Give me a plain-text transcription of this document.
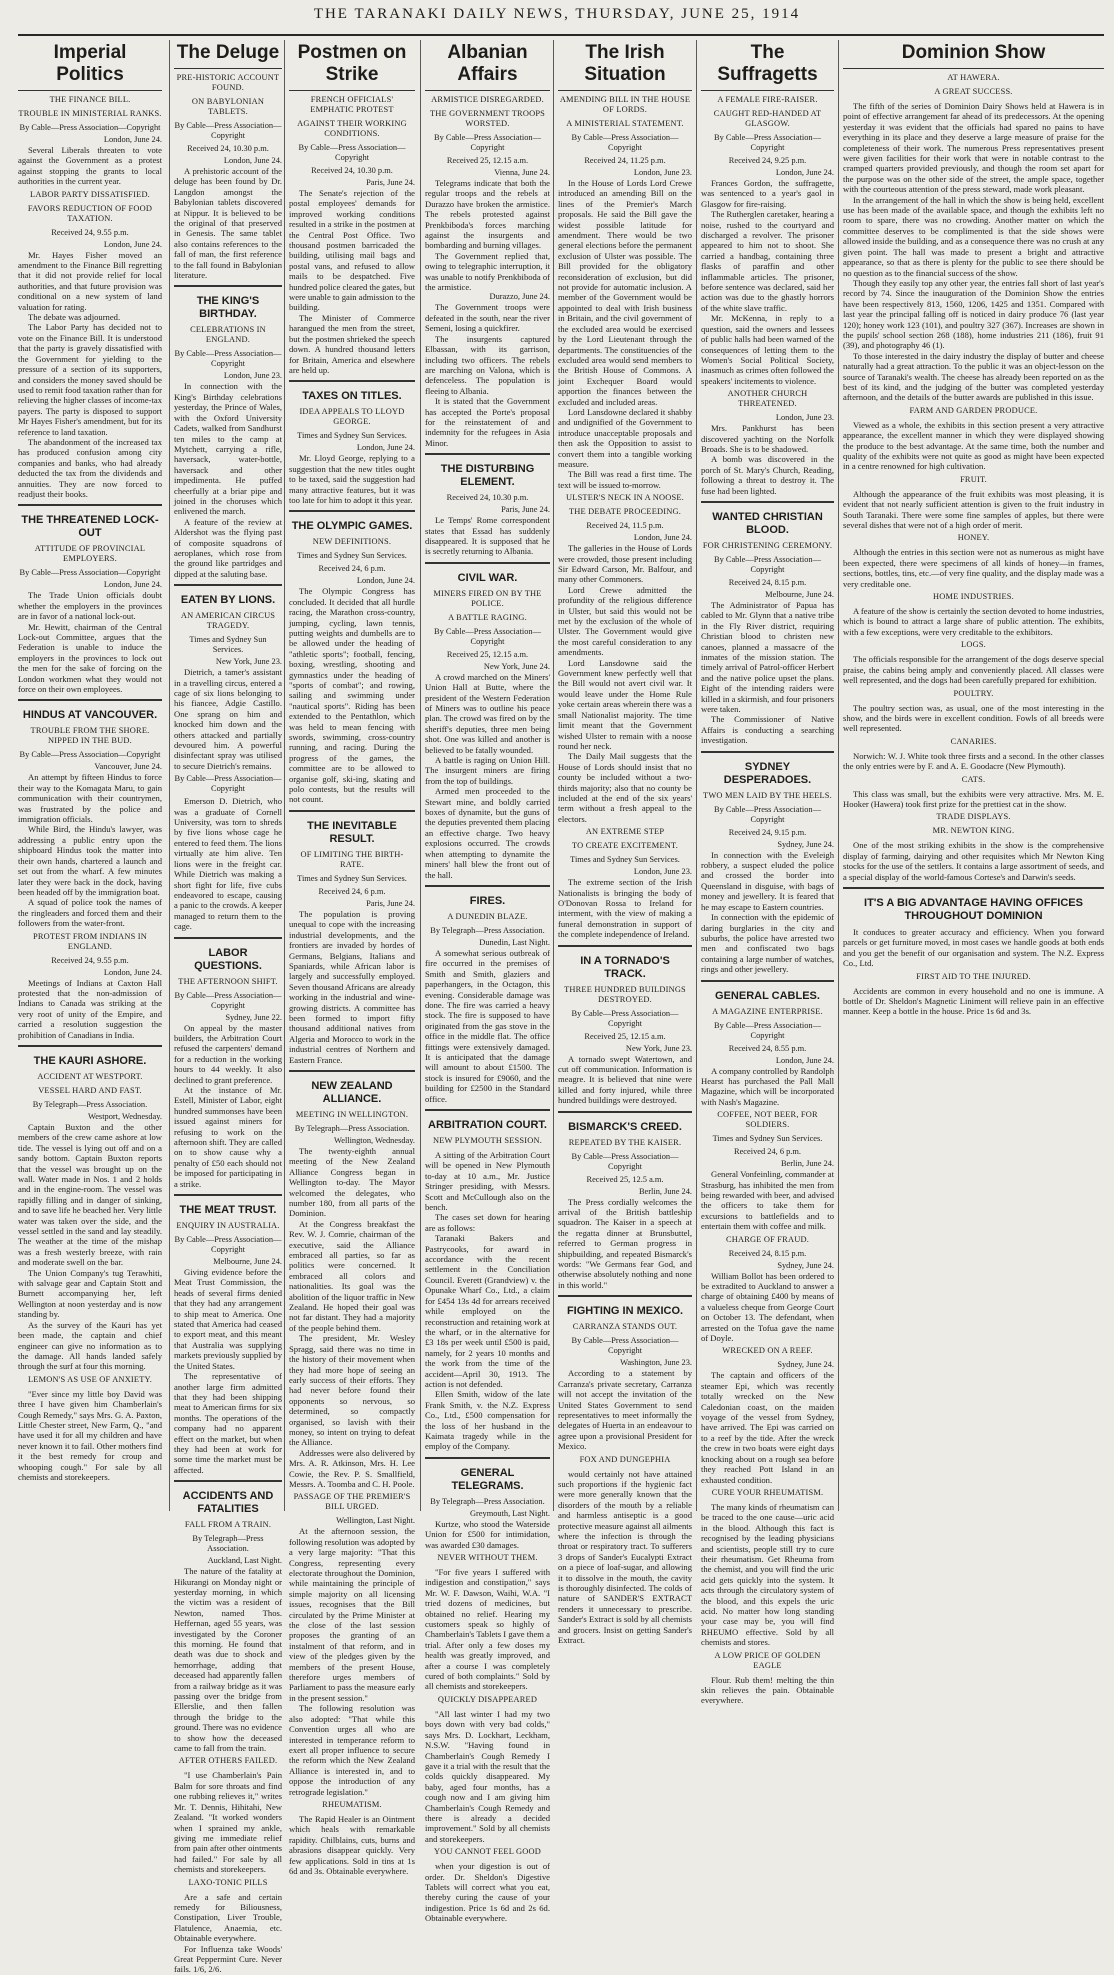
THE TARANAKI DAILY NEWS, THURSDAY, JUNE 25, 1914
Imperial Politics
THE FINANCE BILL.
TROUBLE IN MINISTERIAL RANKS.
By Cable—Press Association—Copyright
London, June 24.
Several Liberals threaten to vote against the Government as a protest against stopping the grants to local authorities in the current year.
LABOR PARTY DISSATISFIED.
FAVORS REDUCTION OF FOOD TAXATION.
Received 24, 9.55 p.m.
London, June 24.
Mr. Hayes Fisher moved an amendment to the Finance Bill regretting that it did not provide relief for local authorities, and that future provision was conditional on a new system of land valuation for rating.
The debate was adjourned.
The Labor Party has decided not to vote on the Finance Bill. It is understood that the party is gravely dissatisfied with the Government for yielding to the pressure of a section of its supporters, and considers the money saved should be used to remit food taxation rather than for relieving the higher classes of income-tax payers. The party is disposed to support Mr Hayes Fisher's amendment, but for its reference to land taxation.
The abandonment of the increased tax has produced confusion among city companies and banks, who had already deducted the tax from the dividends and annuities. They are now forced to readjust their books.
THE THREATENED LOCK-OUT
ATTITUDE OF PROVINCIAL EMPLOYERS.
By Cable—Press Association—Copyright
London, June 24.
The Trade Union officials doubt whether the employers in the provinces are in favor of a national lock-out.
Mr. Hewitt, chairman of the Central Lock-out Committee, argues that the Federation is unable to induce the employers in the provinces to lock out the men for the sake of forcing on the London workmen what they would not force on their own employees.
HINDUS AT VANCOUVER.
TROUBLE FROM THE SHORE. NIPPED IN THE BUD.
By Cable—Press Association—Copyright
Vancouver, June 24.
An attempt by fifteen Hindus to force their way to the Komagata Maru, to gain communication with their countrymen, was frustrated by the police and immigration officials.
While Bird, the Hindu's lawyer, was addressing a public entry upon the shipboard Hindus took the matter into their own hands, chartered a launch and set out from the wharf. A few minutes later they were back in the dock, having been headed off by the immigration boat.
A squad of police took the names of the ringleaders and forced them and their followers from the water-front.
PROTEST FROM INDIANS IN ENGLAND.
Received 24, 9.55 p.m.
London, June 24.
Meetings of Indians at Caxton Hall protested that the non-admission of Indians to Canada was striking at the very root of unity of the Empire, and carried a resolution suggestion the prohibition of Canadians in India.
THE KAURI ASHORE.
ACCIDENT AT WESTPORT.
VESSEL HARD AND FAST.
By Telegraph—Press Association.
Westport, Wednesday.
Captain Buxton and the other members of the crew came ashore at low tide. The vessel is lying out off and on a sandy bottom. Captain Buxton reports that the vessel was brought up on the wall. Water made in Nos. 1 and 2 holds and in the engine-room. The vessel was rapidly filling and in danger of sinking, and to save life he beached her. Very little water was taken over the side, and the vessel settled in the sand and lay steadily. The weather at the time of the mishap was a fresh westerly breeze, with rain and moderate swell on the bar.
The Union Company's tug Terawhiti, with salvage gear and Captain Stott and Burnett accompanying her, left Wellington at noon yesterday and is now standing by.
As the survey of the Kauri has yet been made, the captain and chief engineer can give no information as to the damage. All hands landed safely through the surf at four this morning.
LEMON'S AS USE OF ANXIETY.
"Ever since my little boy David was three I have given him Chamberlain's Cough Remedy," says Mrs. G. A. Paxton, Little Chester street, New Farm, Q., "and have used it for all my children and have never known it to fail. Other mothers find it the best remedy for croup and whooping cough." For sale by all chemists and storekeepers.
The Deluge
PRE-HISTORIC ACCOUNT FOUND.
ON BABYLONIAN TABLETS.
By Cable—Press Association—Copyright
Received 24, 10.30 p.m.
London, June 24.
A prehistoric account of the deluge has been found by Dr. Langdon amongst the Babylonian tablets discovered at Nippur. It is believed to be the original of that preserved in Genesis. The same tablet also contains references to the fall of man, the first reference to the fall found in Babylonian literature.
THE KING'S BIRTHDAY.
CELEBRATIONS IN ENGLAND.
By Cable—Press Association—Copyright
London, June 23.
In connection with the King's Birthday celebrations yesterday, the Prince of Wales, with the Oxford University Cadets, walked from Sandhurst ten miles to the camp at Mytchett, carrying a rifle, haversack, water-bottle, haversack and other impedimenta. He puffed cheerfully at a briar pipe and joined in the choruses which enlivened the march.
A feature of the review at Aldershot was the flying past of composite squadrons of aeroplanes, which rose from the ground like partridges and dipped at the saluting base.
EATEN BY LIONS.
AN AMERICAN CIRCUS TRAGEDY.
Times and Sydney Sun Services.
New York, June 23.
Dietrich, a tamer's assistant in a travelling circus, entered a cage of six lions belonging to his fiancee, Adgie Castillo. One sprang on him and knocked him down and the others attacked and partially devoured him. A powerful disinfectant spray was utilised to secure Dietrich's remains.
By Cable—Press Association—Copyright
Emerson D. Dietrich, who was a graduate of Cornell University, was torn to shreds by five lions whose cage he entered to feed them. The lions virtually ate him alive. Ten lions were in the freight car. While Dietrich was making a short fight for life, five cubs endeavored to escape, causing a panic to the crowds. A keeper managed to return them to the cage.
LABOR QUESTIONS.
THE AFTERNOON SHIFT.
By Cable—Press Association—Copyright
Sydney, June 22.
On appeal by the master builders, the Arbitration Court refused the carpenters' demand for a reduction in the working hours to 44 weekly. It also declined to grant preference.
At the instance of Mr. Estell, Minister of Labor, eight hundred summonses have been issued against miners for refusing to work on the afternoon shift. They are called on to show cause why a penalty of £50 each should not be imposed for participating in a strike.
THE MEAT TRUST.
ENQUIRY IN AUSTRALIA.
By Cable—Press Association—Copyright
Melbourne, June 24.
Giving evidence before the Meat Trust Commission, the heads of several firms denied that they had any arrangement to ship meat to America. One stated that America had ceased to export meat, and this meant that Australia was supplying markets previously supplied by the United States.
The representative of another large firm admitted that they had been shipping meat to American firms for six months. The operations of the company had no apparent effect on the market, but when they had been at work for some time the market must be affected.
ACCIDENTS AND FATALITIES
FALL FROM A TRAIN.
By Telegraph—Press Association.
Auckland, Last Night.
The nature of the fatality at Hikurangi on Monday night or yesterday morning, in which the victim was a resident of Newton, named Thos. Heffernan, aged 55 years, was investigated by the Coroner this morning. He found that death was due to shock and hemorrhage, adding that deceased had apparently fallen from a railway bridge as it was passing over the bridge from Ellerslie, and then fallen through the bridge to the ground. There was no evidence to show how the deceased came to fall from the train.
AFTER OTHERS FAILED.
"I use Chamberlain's Pain Balm for sore throats and find one rubbing relieves it," writes Mr. T. Dennis, Hihitahi, New Zealand. "It worked wonders when I sprained my ankle, giving me immediate relief from pain after other ointments had failed." For sale by all chemists and storekeepers.
LAXO-TONIC PILLS
Are a safe and certain remedy for Biliousness, Constipation, Liver Trouble, Flatulence, Anaemia, etc. Obtainable everywhere.
For Influenza take Woods' Great Peppermint Cure. Never fails. 1/6, 2/6.
Postmen on Strike
FRENCH OFFICIALS' EMPHATIC PROTEST
AGAINST THEIR WORKING CONDITIONS.
By Cable—Press Association—Copyright
Received 24, 10.30 p.m.
Paris, June 24.
The Senate's rejection of the postal employees' demands for improved working conditions resulted in a strike in the postmen at the Central Post Office. Two thousand postmen barricaded the building, utilising mail bags and postal vans, and refused to allow mails to be despatched. Five hundred police cleared the gates, but were unable to gain admission to the building.
The Minister of Commerce harangued the men from the street, but the postmen shrieked the speech down. A hundred thousand letters for Britain, America and elsewhere are held up.
TAXES ON TITLES.
IDEA APPEALS TO LLOYD GEORGE.
Times and Sydney Sun Services.
London, June 24.
Mr. Lloyd George, replying to a suggestion that the new titles ought to be taxed, said the suggestion had many attractive features, but it was too late for him to adopt it this year.
THE OLYMPIC GAMES.
NEW DEFINITIONS.
Times and Sydney Sun Services.
Received 24, 6 p.m.
London, June 24.
The Olympic Congress has concluded. It decided that all hurdle racing, the Marathon cross-country, jumping, cycling, lawn tennis, putting weights and dumbells are to be allowed under the heading of "athletic sports"; football, fencing, boxing, wrestling, shooting and gymnastics under the heading of "sports of combat"; and rowing, sailing and swimming under "nautical sports". Riding has been extended to the Pentathlon, which was held to mean fencing with swords, swimming, cross-country running, and racing. During the progress of the games, the committee are to be allowed to organise golf, ski-ing, skating and polo contests, but the results will not count.
THE INEVITABLE RESULT.
OF LIMITING THE BIRTH-RATE.
Times and Sydney Sun Services.
Received 24, 6 p.m.
Paris, June 24.
The population is proving unequal to cope with the increasing industrial developments, and the frontiers are invaded by hordes of Germans, Belgians, Italians and Spaniards, while African labor is largely and successfully employed. Seven thousand Africans are already working in the industrial and wine-growing districts. A committee has been formed to import fifty thousand additional natives from Algeria and Morocco to work in the industrial centres of Northern and Eastern France.
NEW ZEALAND ALLIANCE.
MEETING IN WELLINGTON.
By Telegraph—Press Association.
Wellington, Wednesday.
The twenty-eighth annual meeting of the New Zealand Alliance Congress began in Wellington to-day. The Mayor welcomed the delegates, who number 180, from all parts of the Dominion.
At the Congress breakfast the Rev. W. J. Comrie, chairman of the executive, said the Alliance embraced all parties, so far as politics were concerned. It embraced all colors and nationalities. Its goal was the abolition of the liquor traffic in New Zealand. He hoped their goal was not far distant. They had a majority of the people behind them.
The president, Mr. Wesley Spragg, said there was no time in the history of their movement when they had more hope of seeing an early success of their efforts. They had never before found their opponents so nervous, so determined, so compactly organised, so lavish with their money, so intent on trying to defeat the Alliance.
Addresses were also delivered by Mrs. A. R. Atkinson, Mrs. H. Lee Cowie, the Rev. P. S. Smallfield, Messrs. A. Toomba and C. H. Poole.
PASSAGE OF THE PREMIER'S BILL URGED.
Wellington, Last Night.
At the afternoon session, the following resolution was adopted by a very large majority: "That this Congress, representing every electorate throughout the Dominion, while maintaining the principle of simple majority on all licensing issues, recognises that the Bill circulated by the Prime Minister at the close of the last session proposes the granting of an instalment of that reform, and in view of the pledges given by the members of the present House, therefore urges members of Parliament to pass the measure early in the present session."
The following resolution was also adopted: "That while this Convention urges all who are interested in temperance reform to exert all proper influence to secure the reform which the New Zealand Alliance is interested in, and to oppose the introduction of any retrograde legislation."
RHEUMATISM.
The Rapid Healer is an Ointment which heals with remarkable rapidity. Chilblains, cuts, burns and abrasions disappear quickly. Very few applications. Sold in tins at 1s 6d and 3s. Obtainable everywhere.
Albanian Affairs
ARMISTICE DISREGARDED.
THE GOVERNMENT TROOPS WORSTED.
By Cable—Press Association—Copyright
Received 25, 12.15 a.m.
Vienna, June 24.
Telegrams indicate that both the regular troops and the rebels at Durazzo have broken the armistice. The rebels protested against Prenkbiboda's forces marching against the insurgents and bombarding and burning villages.
The Government replied that, owing to telegraphic interruption, it was unable to notify Prenkbiboda of the armistice.
Durazzo, June 24.
The Government troops were defeated in the south, near the river Semeni, losing a quickfirer.
The insurgents captured Elbassan, with its garrison, including two officers. The rebels are marching on Valona, which is defenceless. The population is fleeing to Albania.
It is stated that the Government has accepted the Porte's proposal for the reinstatement of and indemnity for the refugees in Asia Minor.
THE DISTURBING ELEMENT.
Received 24, 10.30 p.m.
Paris, June 24.
Le Temps' Rome correspondent states that Essad has suddenly disappeared. It is supposed that he is secretly returning to Albania.
CIVIL WAR.
MINERS FIRED ON BY THE POLICE.
A BATTLE RAGING.
By Cable—Press Association—Copyright
Received 25, 12.15 a.m.
New York, June 24.
A crowd marched on the Miners' Union Hall at Butte, where the president of the Western Federation of Miners was to outline his peace plan. The crowd was fired on by the sheriff's deputies, three men being shot. One was killed and another is believed to be fatally wounded.
A battle is raging on Union Hill. The insurgent miners are firing from the top of buildings.
Armed men proceeded to the Stewart mine, and boldly carried boxes of dynamite, but the guns of the deputies prevented them placing an effective charge. Two heavy explosions occurred. The crowds when attempting to dynamite the miners' hall blew the front out of the hall.
FIRES.
A DUNEDIN BLAZE.
By Telegraph—Press Association.
Dunedin, Last Night.
A somewhat serious outbreak of fire occurred in the premises of Smith and Smith, glaziers and paperhangers, in the Octagon, this evening. Considerable damage was done. The fire was carried a heavy stock. The fire is supposed to have originated from the gas stove in the office in the middle flat. The office fittings were extensively damaged. It is anticipated that the damage will amount to about £1500. The stock is insured for £9060, and the building for £2500 in the Standard office.
ARBITRATION COURT.
NEW PLYMOUTH SESSION.
A sitting of the Arbitration Court will be opened in New Plymouth to-day at 10 a.m., Mr. Justice Stringer presiding, with Messrs. Scott and McCullough also on the bench.
The cases set down for hearing are as follows:
Taranaki Bakers and Pastrycooks, for award in accordance with the recent settlement in the Conciliation Council. Everett (Grandview) v. the Opunake Wharf Co., Ltd., a claim for £454 13s 4d for arrears received while employed on the reconstruction and retaining work at the wharf, or in the alternative for £3 18s per week until £500 is paid, namely, for 2 years 10 months and the work from the time of the accident—April 30, 1913. The action is not defended.
Ellen Smith, widow of the late Frank Smith, v. the N.Z. Express Co., Ltd., £500 compensation for the loss of her husband in the Kaimata tragedy while in the employ of the Company.
GENERAL TELEGRAMS.
By Telegraph—Press Association.
Greymouth, Last Night.
Kurtze, who stood the Waterside Union for £500 for intimidation, was awarded £30 damages.
NEVER WITHOUT THEM.
"For five years I suffered with indigestion and constipation," says Mr. W. F. Dawson, Waihi, W.A. "I tried dozens of medicines, but obtained no relief. Hearing my customers speak so highly of Chamberlain's Tablets I gave them a trial. After only a few doses my health was greatly improved, and after a course I was completely cured of both complaints." Sold by all chemists and storekeepers.
QUICKLY DISAPPEARED
"All last winter I had my two boys down with very bad colds," says Mrs. D. Lockhart, Leckham, N.S.W. "Having found in Chamberlain's Cough Remedy I gave it a trial with the result that the colds quickly disappeared. My baby, aged four months, has a cough now and I am giving him Chamberlain's Cough Remedy and there is already a decided improvement." Sold by all chemists and storekeepers.
YOU CANNOT FEEL GOOD
when your digestion is out of order. Dr. Sheldon's Digestive Tablets will correct what you eat, thereby curing the cause of your indigestion. Price 1s 6d and 2s 6d. Obtainable everywhere.
The Irish Situation
AMENDING BILL IN THE HOUSE OF LORDS.
A MINISTERIAL STATEMENT.
By Cable—Press Association—Copyright
Received 24, 11.25 p.m.
London, June 23.
In the House of Lords Lord Crewe introduced an amending Bill on the lines of the Premier's March proposals. He said the Bill gave the widest possible latitude for amendment. There would be two general elections before the permanent exclusion of Ulster was possible. The Bill provided for the obligatory reconsideration of exclusion, but did not provide for automatic inclusion. A member of the Government would be appointed to deal with Irish business in Britain, and the civil government of the excluded area would be exercised by the Lord Lieutenant through the departments. The constituencies of the excluded area would send members to the British House of Commons. A joint Exchequer Board would apportion the finances between the excluded and included areas.
Lord Lansdowne declared it shabby and undignified of the Government to introduce unacceptable proposals and then ask the Opposition to assist to convert them into a tangible working measure.
The Bill was read a first time. The text will be issued to-morrow.
ULSTER'S NECK IN A NOOSE.
THE DEBATE PROCEEDING.
Received 24, 11.5 p.m.
London, June 24.
The galleries in the House of Lords were crowded, those present including Sir Edward Carson, Mr. Balfour, and many other Commoners.
Lord Crewe admitted the profundity of the religious difference in Ulster, but said this would not be met by the exclusion of the whole of Ulster. The Government would give the most careful consideration to any amendments.
Lord Lansdowne said the Government knew perfectly well that the Bill would not avert civil war. It would leave under the Home Rule yoke certain areas wherein there was a small Nationalist majority. The time limit meant that the Government wished Ulster to remain with a noose round her neck.
The Daily Mail suggests that the House of Lords should insist that no county be included without a two-thirds majority; also that no county be included at the end of the six years' term without a fresh appeal to the electors.
AN EXTREME STEP
TO CREATE EXCITEMENT.
Times and Sydney Sun Services.
London, June 23.
The extreme section of the Irish Nationalists is bringing the body of O'Donovan Rossa to Ireland for interment, with the view of making a funeral demonstration in support of the complete independence of Ireland.
IN A TORNADO'S TRACK.
THREE HUNDRED BUILDINGS DESTROYED.
By Cable—Press Association—Copyright
Received 25, 12.15 a.m.
New York, June 23.
A tornado swept Watertown, and cut off communication. Information is meagre. It is believed that nine were killed and forty injured, while three hundred buildings were destroyed.
BISMARCK'S CREED.
REPEATED BY THE KAISER.
By Cable—Press Association—Copyright
Received 25, 12.5 a.m.
Berlin, June 24.
The Press cordially welcomes the arrival of the British battleship squadron. The Kaiser in a speech at the regatta dinner at Brunsbuttel, referred to German progress in shipbuilding, and repeated Bismarck's words: "We Germans fear God, and otherwise absolutely nothing and none in this world."
FIGHTING IN MEXICO.
CARRANZA STANDS OUT.
By Cable—Press Association—Copyright
Washington, June 23.
According to a statement by Carranza's private secretary, Carranza will not accept the invitation of the United States Government to send representatives to meet informally the delegates of Huerta in an endeavour to agree upon a provisional President for Mexico.
FOX AND DUNGEPHIA
would certainly not have attained such proportions if the hygienic fact were more generally known that the disorders of the mouth by a reliable and harmless antiseptic is a good protective measure against all ailments where the infection is through the throat or respiratory tract. To sufferers 3 drops of Sander's Eucalypti Extract on a piece of loaf-sugar, and allowing it to dissolve in the mouth, the cavity is thoroughly disinfected. The colds of nature of SANDER'S EXTRACT renders it unnecessary to prescribe. Sander's Extract is sold by all chemists and grocers. Insist on getting Sander's Extract.
The Suffragetts
A FEMALE FIRE-RAISER.
CAUGHT RED-HANDED AT GLASGOW.
By Cable—Press Association—Copyright
Received 24, 9.25 p.m.
London, June 24.
Frances Gordon, the suffragette, was sentenced to a year's gaol in Glasgow for fire-raising.
The Rutherglen caretaker, hearing a noise, rushed to the courtyard and discharged a revolver. The prisoner appeared to him not to shoot. She carried a handbag, containing three flasks of paraffin and other inflammable articles. The prisoner, before sentence was declared, said her action was due to the ghastly horrors of the white slave traffic.
Mr. McKenna, in reply to a question, said the owners and lessees of public halls had been warned of the consequences of letting them to the Women's Social Political Society, inasmuch as crimes often followed the speakers' incitements to violence.
ANOTHER CHURCH THREATENED.
London, June 23.
Mrs. Pankhurst has been discovered yachting on the Norfolk Broads. She is to be shadowed.
A bomb was discovered in the porch of St. Mary's Church, Reading, following a threat to destroy it. The fuse had been lighted.
WANTED CHRISTIAN BLOOD.
FOR CHRISTENING CEREMONY.
By Cable—Press Association—Copyright
Received 24, 8.15 p.m.
Melbourne, June 24.
The Administrator of Papua has cabled to Mr. Glynn that a native tribe in the Fly River district, requiring Christian blood to christen new canoes, planned a massacre of the inmates of the mission station. The timely arrival of Patrol-officer Herbert and the native police upset the plans. Eight of the intending raiders were killed in a skirmish, and four prisoners were taken.
The Commissioner of Native Affairs is conducting a searching investigation.
SYDNEY DESPERADOES.
TWO MEN LAID BY THE HEELS.
By Cable—Press Association—Copyright
Received 24, 9.15 p.m.
Sydney, June 24.
In connection with the Eveleigh robbery, a suspect eluded the police and crossed the border into Queensland in disguise, with bags of money and jewellery. It is feared that he may escape to Eastern countries.
In connection with the epidemic of daring burglaries in the city and suburbs, the police have arrested two men and confiscated two bags containing a large number of watches, rings and other jewellery.
GENERAL CABLES.
A MAGAZINE ENTERPRISE.
By Cable—Press Association—Copyright
Received 24, 8.55 p.m.
London, June 24.
A company controlled by Randolph Hearst has purchased the Pall Mall Magazine, which will be incorporated with Nash's Magazine.
COFFEE, NOT BEER, FOR SOLDIERS.
Times and Sydney Sun Services.
Received 24, 6 p.m.
Berlin, June 24.
General Vonfeinling, commander at Strasburg, has inhibited the men from being rewarded with beer, and advised the officers to take them for excursions to battlefields and to entertain them with coffee and milk.
CHARGE OF FRAUD.
Received 24, 8.15 p.m.
Sydney, June 24.
William Bollot has been ordered to be extradited to Auckland to answer a charge of obtaining £400 by means of a valueless cheque from George Court on October 13. The defendant, when arrested on the Tofua gave the name of Doyle.
WRECKED ON A REEF.
Sydney, June 24.
The captain and officers of the steamer Epi, which was recently totally wrecked on the New Caledonian coast, on the maiden voyage of the vessel from Sydney, have arrived. The Epi was carried on to a reef by the tide. After the wreck the crew in two boats were eight days knocking about on a rough sea before they reached Pott Island in an exhausted condition.
CURE YOUR RHEUMATISM.
The many kinds of rheumatism can be traced to the one cause—uric acid in the blood. Although this fact is recognised by the leading physicians and scientists, people still try to cure their rheumatism. Get Rheuma from the chemist, and you will find the uric acid gets quickly into the system. It acts through the circulatory system of the blood, and this expels the uric acid. No matter how long standing your case may be, you will find RHEUMO effective. Sold by all chemists and stores.
A LOW PRICE OF GOLDEN EAGLE
Flour. Rub them! melting the thin skin relieves the pain. Obtainable everywhere.
Dominion Show
AT HAWERA.
A GREAT SUCCESS.
The fifth of the series of Dominion Dairy Shows held at Hawera is in point of effective arrangement far ahead of its predecessors. At the opening yesterday it was evident that the officials had spared no pains to have everything in its place and they deserve a large measure of praise for the completeness of their work. The numerous Press representatives present were given facilities for their work that were in notable contrast to the cramped quarters provided previously, and though the room set apart for the purpose was on the other side of the street, the ample space, together with the courteous attention of the press steward, made work pleasant.
In the arrangement of the hall in which the show is being held, excellent use has been made of the available space, and though the exhibits left no room to spare, there was no crowding. Another matter on which the committee deserves to be complimented is that the side shows were allowed inside the building, and as a consequence there was no crush at any given point. The hall was made to present a bright and attractive appearance, so that as there is plenty for the public to see there should be no question as to the financial success of the show.
Though they easily top any other year, the entries fall short of last year's record by 74. Since the inauguration of the Dominion Show the entries have been respectively 813, 1560, 1206, 1425 and 1351. Compared with last year the principal falling off is noticed in dairy produce 76 (last year 120); honey work 123 (101), and poultry 327 (367). Increases are shown in the pupils' school section 268 (188), home industries 211 (186), fruit 91 (39), and photography 46 (1).
To those interested in the dairy industry the display of butter and cheese naturally had a great attraction. To the public it was an object-lesson on the source of Taranaki's wealth. The cheese has already been reported on as the best of its kind, and the judging of the butter was completed yesterday afternoon, and the details of the butter awards are published in this issue.
FARM AND GARDEN PRODUCE.
Viewed as a whole, the exhibits in this section present a very attractive appearance, the excellent manner in which they were displayed showing the produce to the best advantage. At the same time, both the number and quality of the exhibits were not quite as good as might have been expected in a centre renowned for high cultivation.
FRUIT.
Although the appearance of the fruit exhibits was most pleasing, it is evident that not nearly sufficient attention is given to the fruit industry in South Taranaki. There were some fine samples of apples, but there were several dishes that were not of a high order of merit.
HONEY.
Although the entries in this section were not as numerous as might have been expected, there were specimens of all kinds of honey—in frames, sections, bottles, tins, etc.—of very fine quality, and the display made was a very creditable one.
HOME INDUSTRIES.
A feature of the show is certainly the section devoted to home industries, which is bound to attract a large share of public attention. The exhibits, with a few exceptions, were very creditable to the exhibitors.
LOGS.
The officials responsible for the arrangement of the dogs deserve special praise, the cabins being amply and conveniently placed. All classes were well represented, and the dogs had been carefully prepared for exhibition.
POULTRY.
The poultry section was, as usual, one of the most interesting in the show, and the birds were in excellent condition. Fowls of all breeds were well represented.
CANARIES.
Norwich: W. J. White took three firsts and a second. In the other classes the only entries were by F. and A. E. Goodacre (New Plymouth).
CATS.
This class was small, but the exhibits were very attractive. Mrs. M. E. Hooker (Hawera) took first prize for the prettiest cat in the show.
TRADE DISPLAYS.
MR. NEWTON KING.
One of the most striking exhibits in the show is the comprehensive display of farming, dairying and other requisites which Mr Newton King stocks for the use of the settlers. It contains a large assortment of seeds, and a special display of the world-famous Cortese's and Darwin's seeds.
IT'S A BIG ADVANTAGE HAVING OFFICES THROUGHOUT DOMINION
It conduces to greater accuracy and efficiency. When you forward parcels or get furniture moved, in most cases we handle goods at both ends and you get the benefit of our organisation and system. The N.Z. Express Co., Ltd.
FIRST AID TO THE INJURED.
Accidents are common in every household and no one is immune. A bottle of Dr. Sheldon's Magnetic Liniment will relieve pain in an effective manner. Keep a bottle in the house. Price 1s 6d and 3s.
